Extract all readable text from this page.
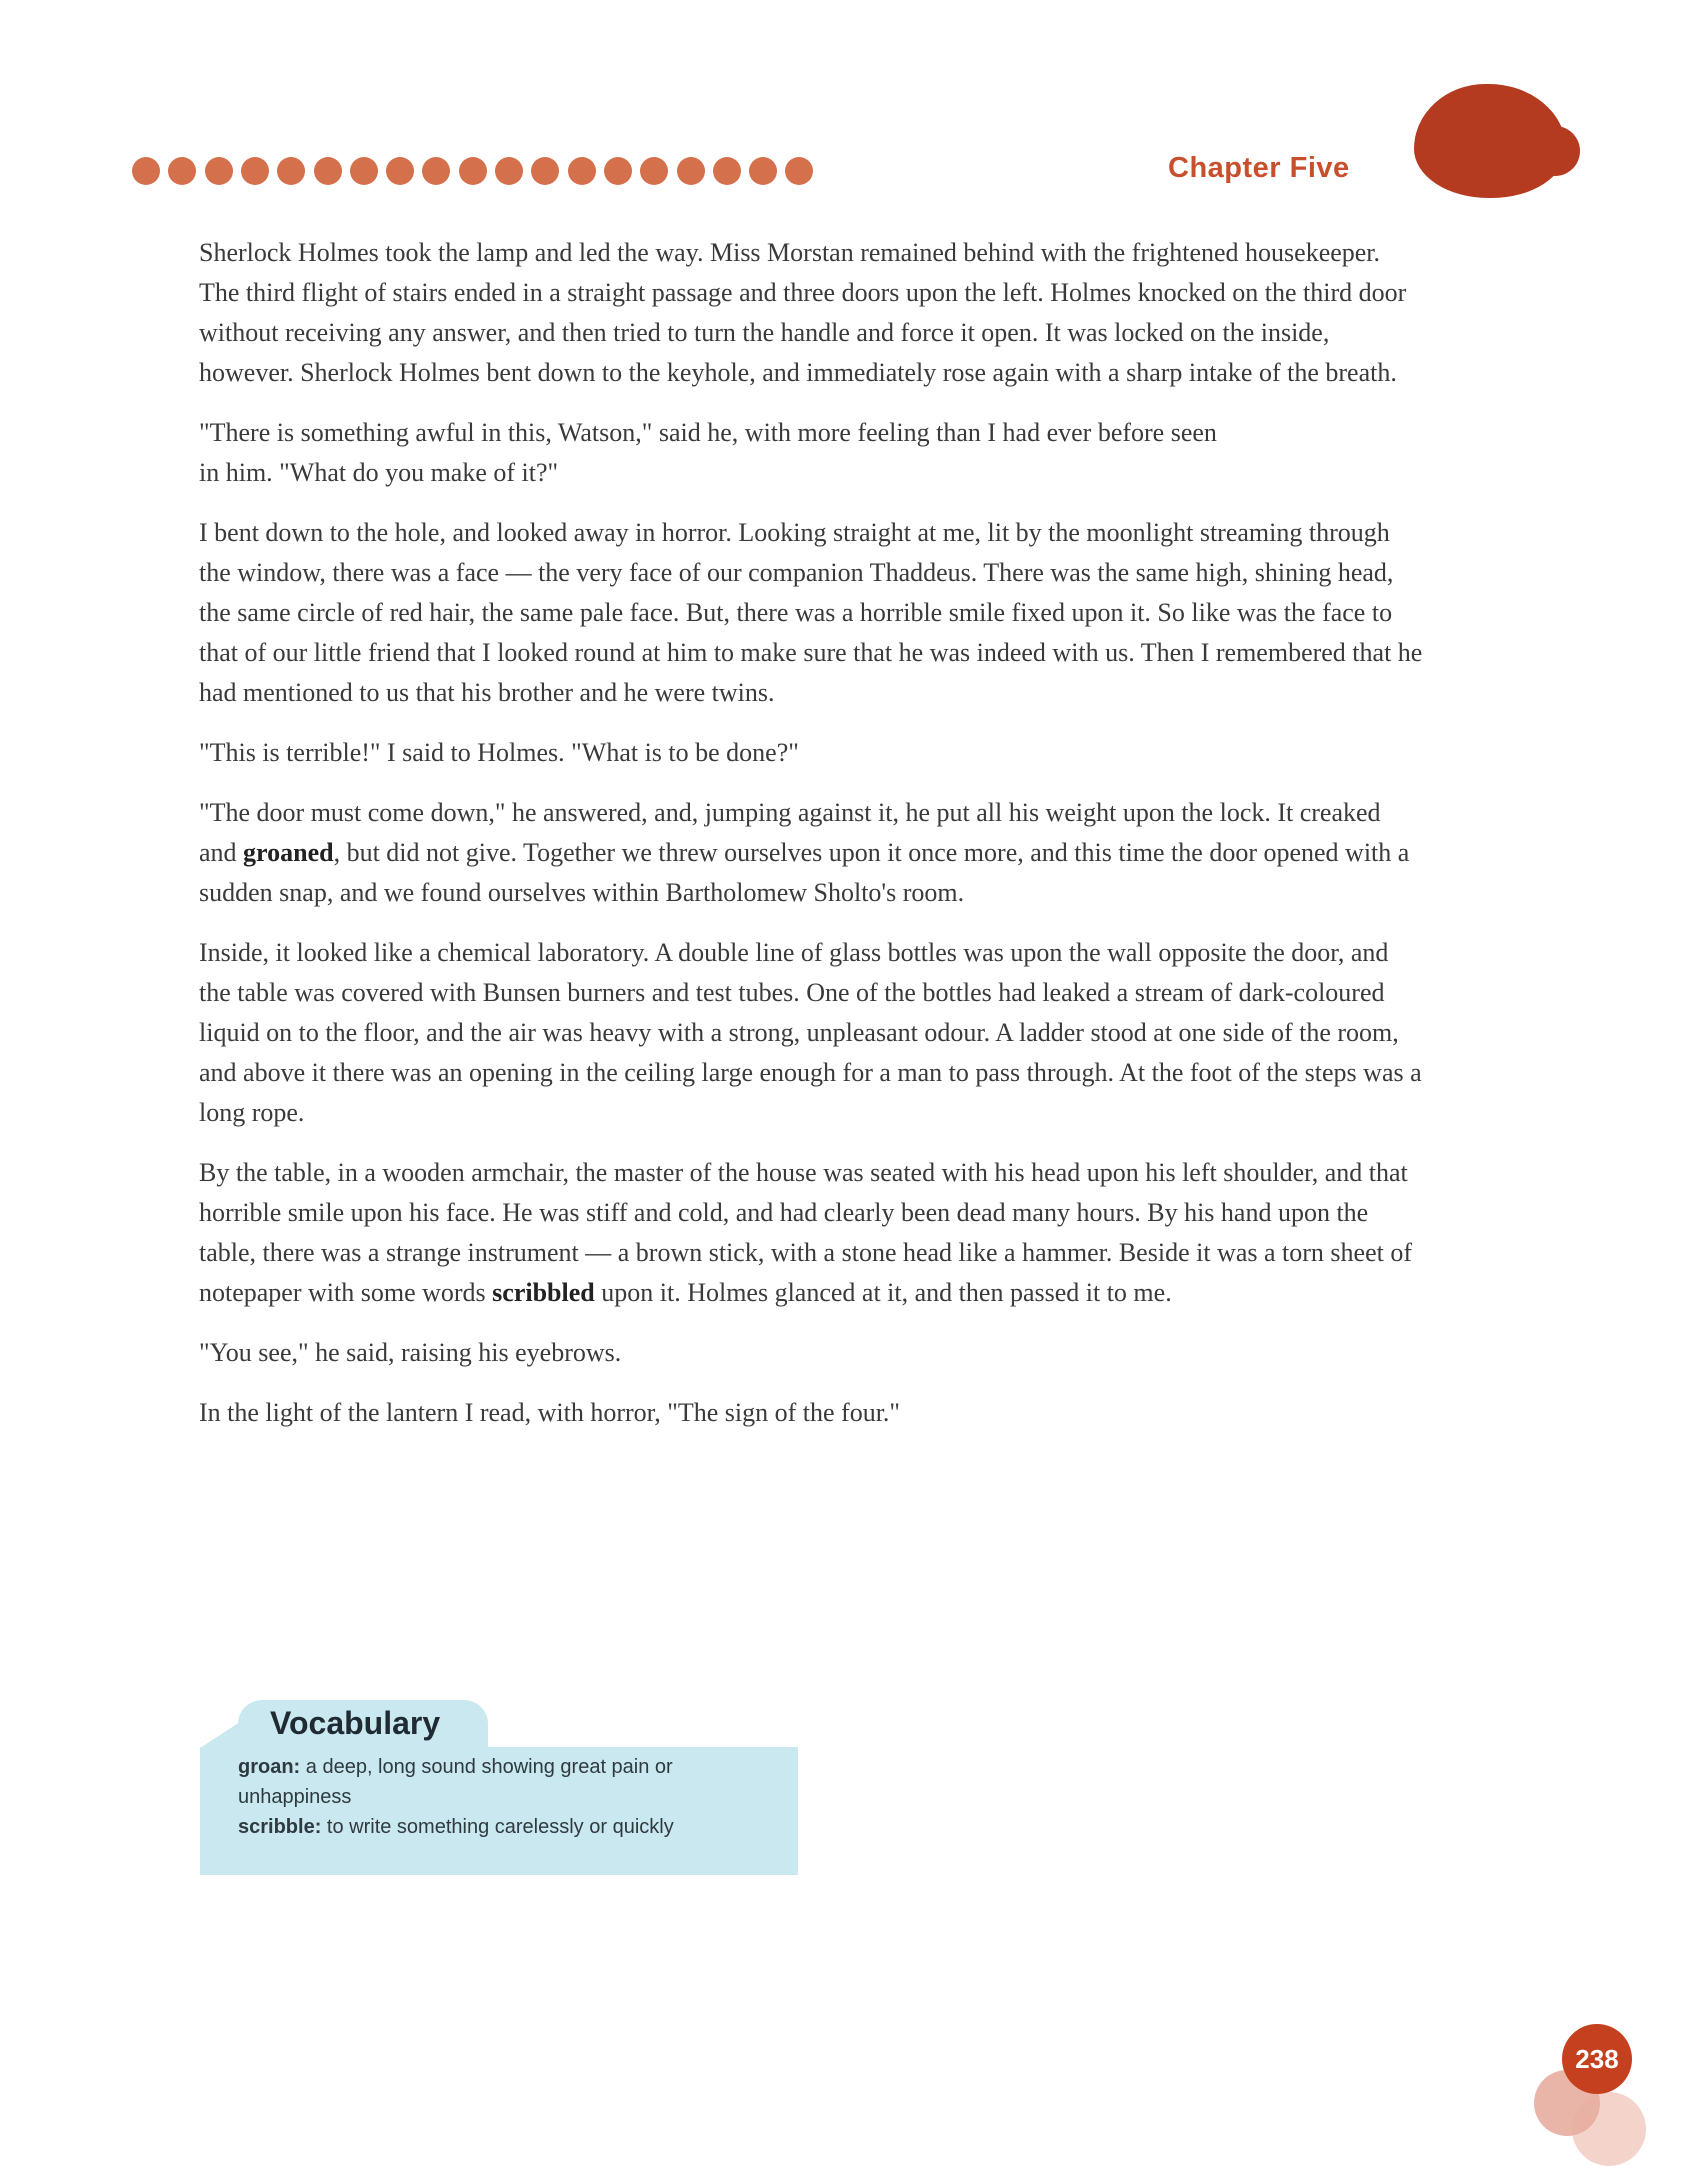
Chapter Five

Sherlock Holmes took the lamp and led the way. Miss Morstan remained behind with the frightened housekeeper. The third flight of stairs ended in a straight passage and three doors upon the left. Holmes knocked on the third door without receiving any answer, and then tried to turn the handle and force it open. It was locked on the inside, however. Sherlock Holmes bent down to the keyhole, and immediately rose again with a sharp intake of the breath.

"There is something awful in this, Watson," said he, with more feeling than I had ever before seen
in him. "What do you make of it?"

I bent down to the hole, and looked away in horror. Looking straight at me, lit by the moonlight streaming through the window, there was a face — the very face of our companion Thaddeus. There was the same high, shining head, the same circle of red hair, the same pale face. But, there was a horrible smile fixed upon it. So like was the face to that of our little friend that I looked round at him to make sure that he was indeed with us. Then I remembered that he had mentioned to us that his brother and he were twins.

"This is terrible!" I said to Holmes. "What is to be done?"

"The door must come down," he answered, and, jumping against it, he put all his weight upon the lock. It creaked and groaned, but did not give. Together we threw ourselves upon it once more, and this time the door opened with a sudden snap, and we found ourselves within Bartholomew Sholto's room.

Inside, it looked like a chemical laboratory. A double line of glass bottles was upon the wall opposite the door, and the table was covered with Bunsen burners and test tubes. One of the bottles had leaked a stream of dark-coloured liquid on to the floor, and the air was heavy with a strong, unpleasant odour. A ladder stood at one side of the room, and above it there was an opening in the ceiling large enough for a man to pass through. At the foot of the steps was a long rope.

By the table, in a wooden armchair, the master of the house was seated with his head upon his left shoulder, and that horrible smile upon his face. He was stiff and cold, and had clearly been dead many hours. By his hand upon the table, there was a strange instrument — a brown stick, with a stone head like a hammer. Beside it was a torn sheet of notepaper with some words scribbled upon it. Holmes glanced at it, and then passed it to me.

"You see," he said, raising his eyebrows.

In the light of the lantern I read, with horror, "The sign of the four."

Vocabulary

groan: a deep, long sound showing great pain or unhappiness

scribble: to write something carelessly or quickly

238
